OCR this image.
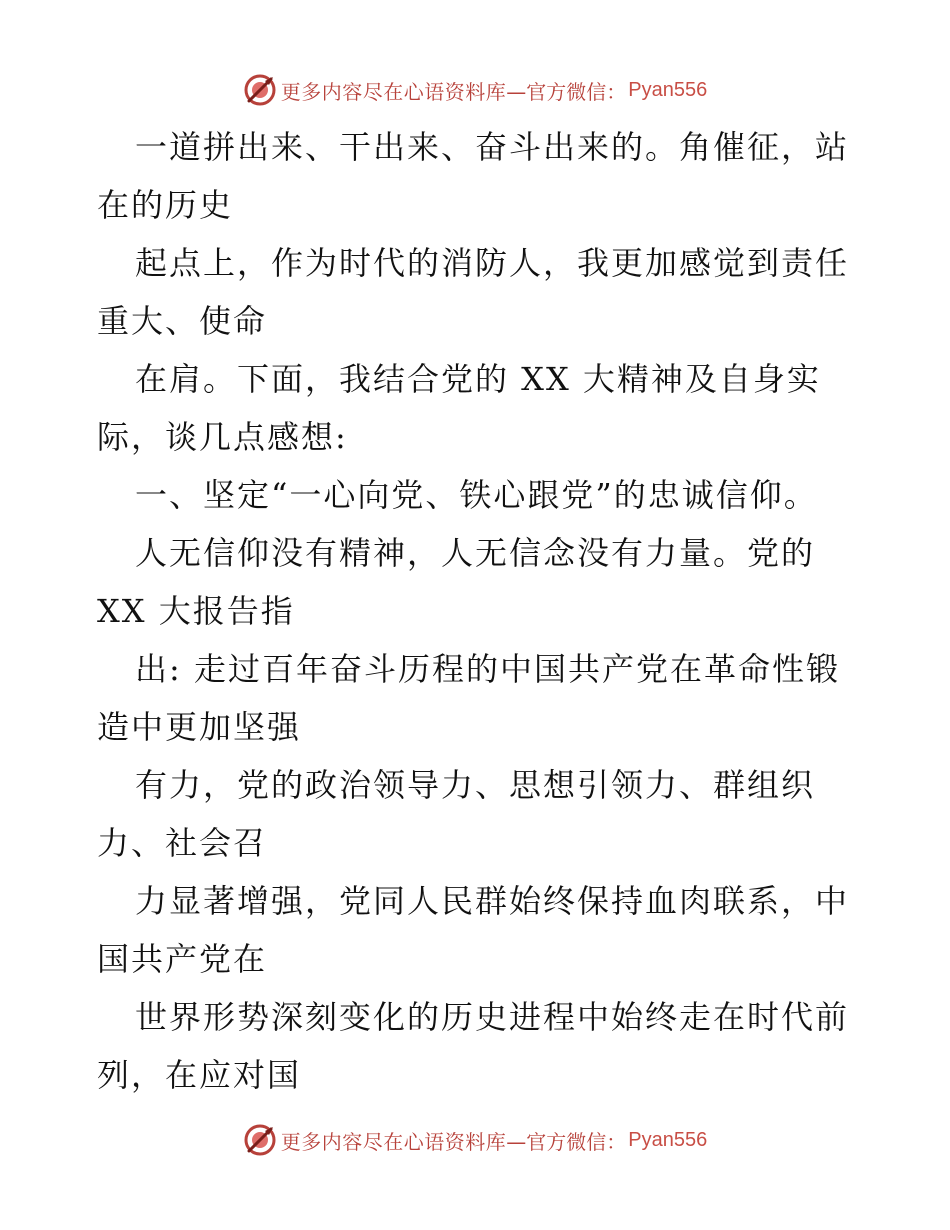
更多内容尽在心语资料库 —官方微信： Pyan556
一道拼出来、干出来、奋斗出来的。角催征，站
在的历史
起点上，作为时代的消防人，我更加感觉到责任
重大、使命
在肩。下面，我结合党的 XX 大精神及自身实
际，谈几点感想:
一、坚定“一心向党、铁心跟党”的忠诚信仰。
人无信仰没有精神，人无信念没有力量。党的
XX 大报告指
出: 走过百年奋斗历程的中国共产党在革命性锻
造中更加坚强
有力，党的政治领导力、思想引领力、群组织
力、社会召
力显著增强，党同人民群始终保持血肉联系，中
国共产党在
世界形势深刻变化的历史进程中始终走在时代前
列，在应对国
更多内容尽在心语资料库 —官方微信： Pyan556
